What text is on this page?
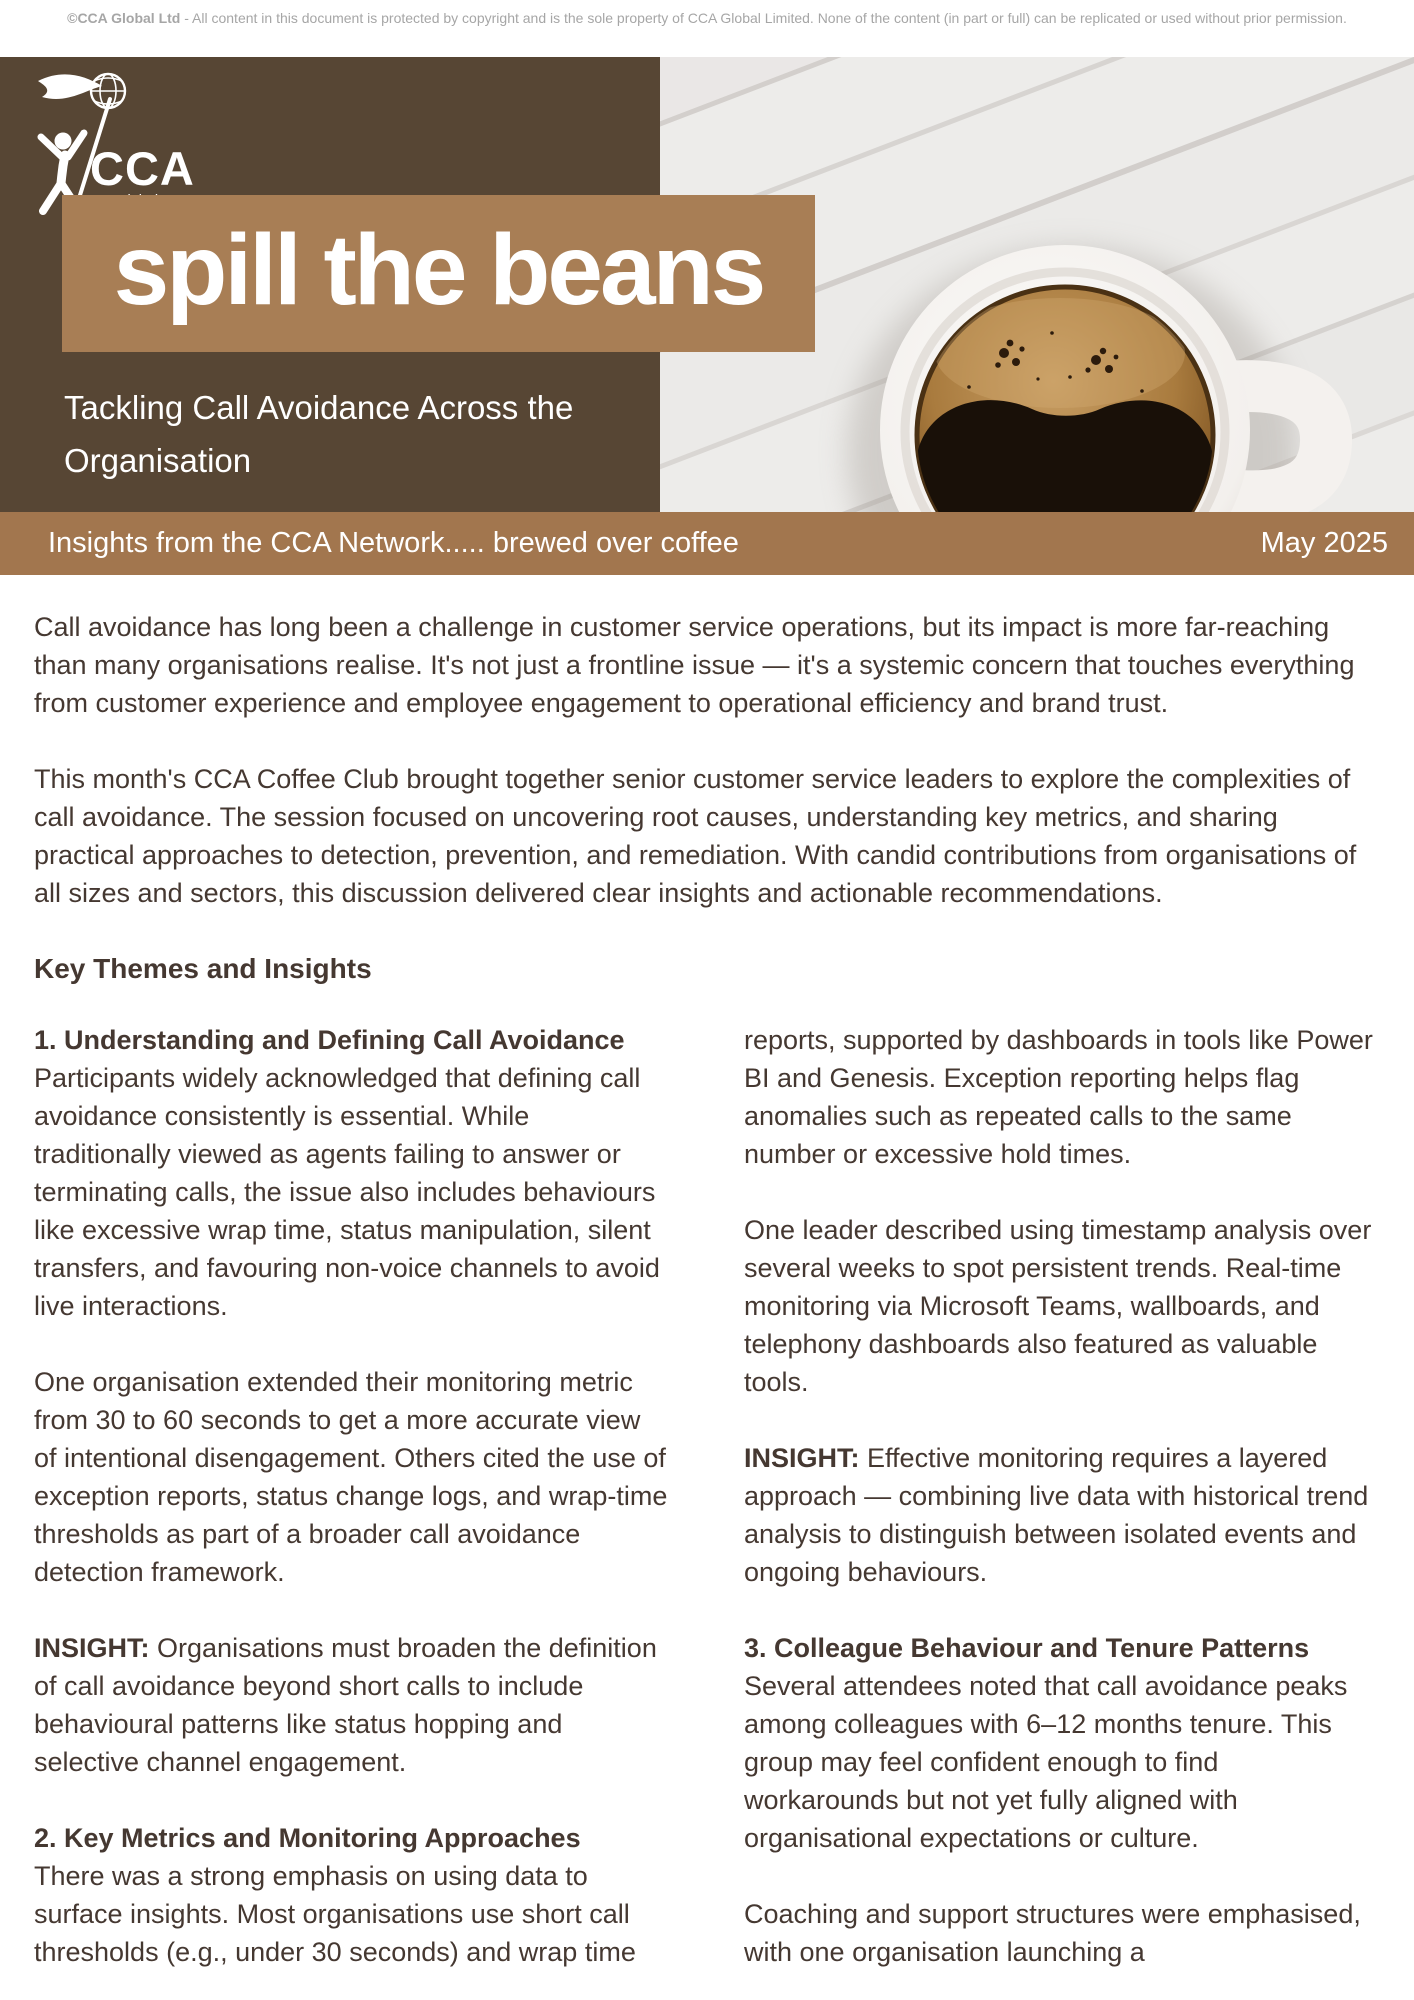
©CCA Global Ltd - All content in this document is protected by copyright and is the sole property of CCA Global Limited. None of the content (in part or full) can be replicated or used without prior permission.
CCA
spill the beans
Tackling Call Avoidance Across the Organisation
Insights from the CCA Network..... brewed over coffee	May 2025

Call avoidance has long been a challenge in customer service operations, but its impact is more far-reaching than many organisations realise. It's not just a frontline issue — it's a systemic concern that touches everything from customer experience and employee engagement to operational efficiency and brand trust.

This month's CCA Coffee Club brought together senior customer service leaders to explore the complexities of call avoidance. The session focused on uncovering root causes, understanding key metrics, and sharing practical approaches to detection, prevention, and remediation. With candid contributions from organisations of all sizes and sectors, this discussion delivered clear insights and actionable recommendations.

Key Themes and Insights
1. Understanding and Defining Call Avoidance

Participants widely acknowledged that defining call avoidance consistently is essential. While traditionally viewed as agents failing to answer or terminating calls, the issue also includes behaviours like excessive wrap time, status manipulation, silent transfers, and favouring non-voice channels to avoid live interactions.

One organisation extended their monitoring metric from 30 to 60 seconds to get a more accurate view of intentional disengagement. Others cited the use of exception reports, status change logs, and wrap-time thresholds as part of a broader call avoidance detection framework.

INSIGHT: Organisations must broaden the definition of call avoidance beyond short calls to include behavioural patterns like status hopping and selective channel engagement.

2. Key Metrics and Monitoring Approaches

There was a strong emphasis on using data to surface insights. Most organisations use short call thresholds (e.g., under 30 seconds) and wrap time

reports, supported by dashboards in tools like Power BI and Genesis. Exception reporting helps flag anomalies such as repeated calls to the same number or excessive hold times.

One leader described using timestamp analysis over several weeks to spot persistent trends. Real-time monitoring via Microsoft Teams, wallboards, and telephony dashboards also featured as valuable tools.

INSIGHT: Effective monitoring requires a layered approach — combining live data with historical trend analysis to distinguish between isolated events and ongoing behaviours.

3. Colleague Behaviour and Tenure Patterns

Several attendees noted that call avoidance peaks among colleagues with 6–12 months tenure. This group may feel confident enough to find workarounds but not yet fully aligned with organisational expectations or culture.

Coaching and support structures were emphasised, with one organisation launching a
